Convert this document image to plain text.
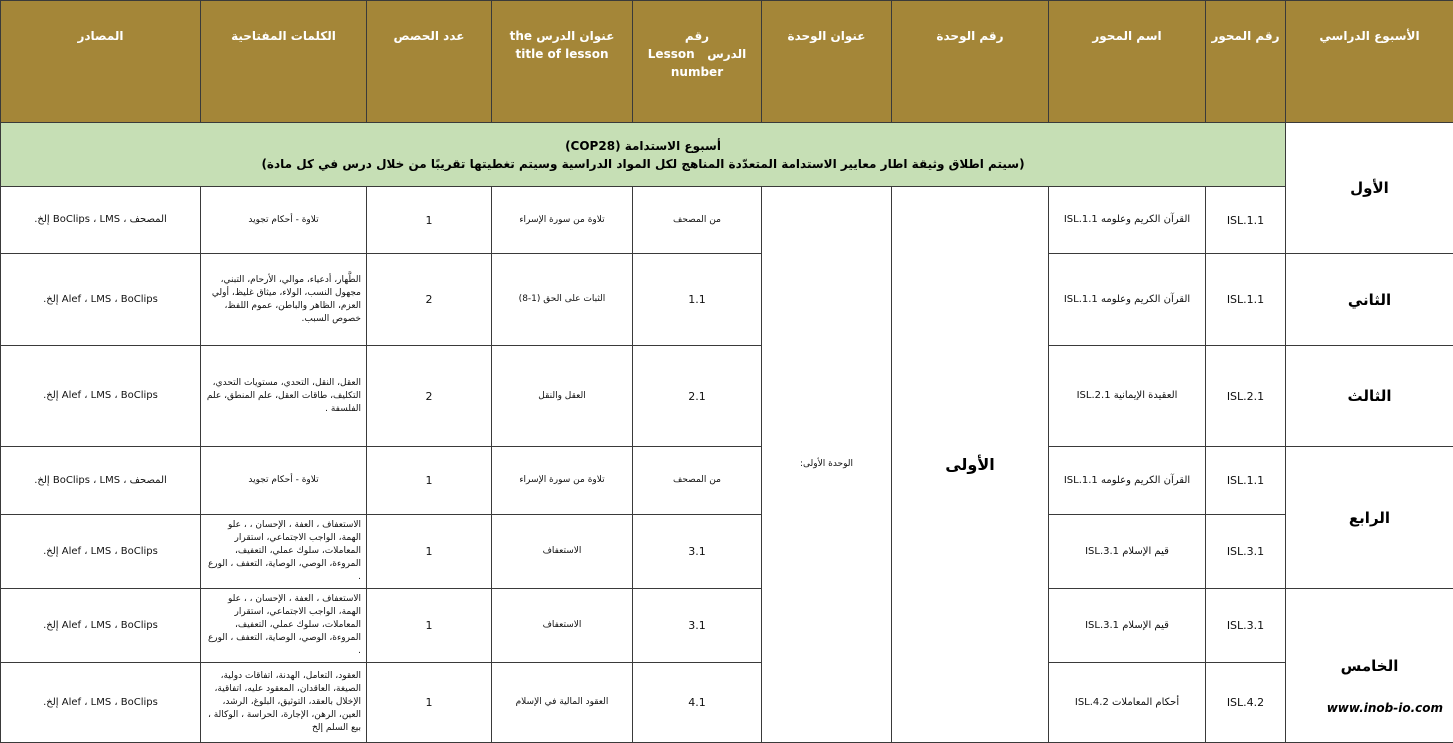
الأسبوع الدراسي	رقم المحور	اسم المحور	رقم الوحدة	عنوان الوحدة	رقم الدرس   Lesson number	عنوان الدرس the title of lesson	عدد الحصص	الكلمات المفتاحية	المصادر
الأول	أسبوع الاستدامة (COP28)
(سيتم اطلاق وثيقة اطار معايير الاستدامة المتعدّدة المناهج لكل المواد الدراسية وسيتم تغطيتها تقريبًا من خلال درس في كل مادة)								

	ISL.1.1	القرآن الكريم وعلومه ISL.1.1	الأولى	الوحدة الأولى:	من المصحف	تلاوة من سورة الإسراء	1	تلاوة - أحكام تجويد	المصحف ، BoClips ، LMS إلخ.
الثاني	ISL.1.1	القرآن الكريم وعلومه ISL.1.1			1.1	الثبات على الحق (1-8)	2	الطَّهار، أدعياء، موالي، الأرحام، التبني، مجهول النسب، الولاء، ميثاق غليظ، أولي العزم، الظاهر والباطن، عموم اللفظ، خصوص السبب.	Alef ، LMS ، BoClips إلخ.
الثالث	ISL.2.1	العقيدة الإيمانية ISL.2.1			2.1	العقل والنقل	2	العقل، النقل، التحدي، مستويات التحدي، التكليف، طاقات العقل، علم المنطق، علم الفلسفة .	Alef ، LMS ، BoClips إلخ.
الرابع	ISL.1.1	القرآن الكريم وعلومه ISL.1.1			من المصحف	تلاوة من سورة الإسراء	1	تلاوة - أحكام تجويد	المصحف ، BoClips ، LMS إلخ.
	ISL.3.1	قيم الإسلام ISL.3.1			3.1	الاستعفاف	1	الاستعفاف ، العفة ، الإحسان ، ، علو الهمة، الواجب الاجتماعي، استقرار المعاملات، سلوك عملي، التعفيف، المروءة، الوصي، الوصاية، التعفف ، الورع .	Alef ، LMS ، BoClips إلخ.
الخامس	ISL.3.1	قيم الإسلام ISL.3.1			3.1	الاستعفاف	1	الاستعفاف ، العفة ، الإحسان ، ، علو الهمة، الواجب الاجتماعي، استقرار المعاملات، سلوك عملي، التعفيف، المروءة، الوصي، الوصاية، التعفف ، الورع .	Alef ، LMS ، BoClips إلخ.
	ISL.4.2	أحكام المعاملات ISL.4.2			4.1	العقود المالية في الإسلام	1	العقود، التعامل، الهدنة، اتفاقات دولية، الصيغة، العاقدان، المعقود عليه، اتفاقية، الإخلال بالعقد، التوثيق، البلوغ، الرشد، العين، الرهن، الإجارة، الحراسة ، الوكالة ، بيع السلم إلخ	Alef ، LMS ، BoClips إلخ.	www.inob-io.com
